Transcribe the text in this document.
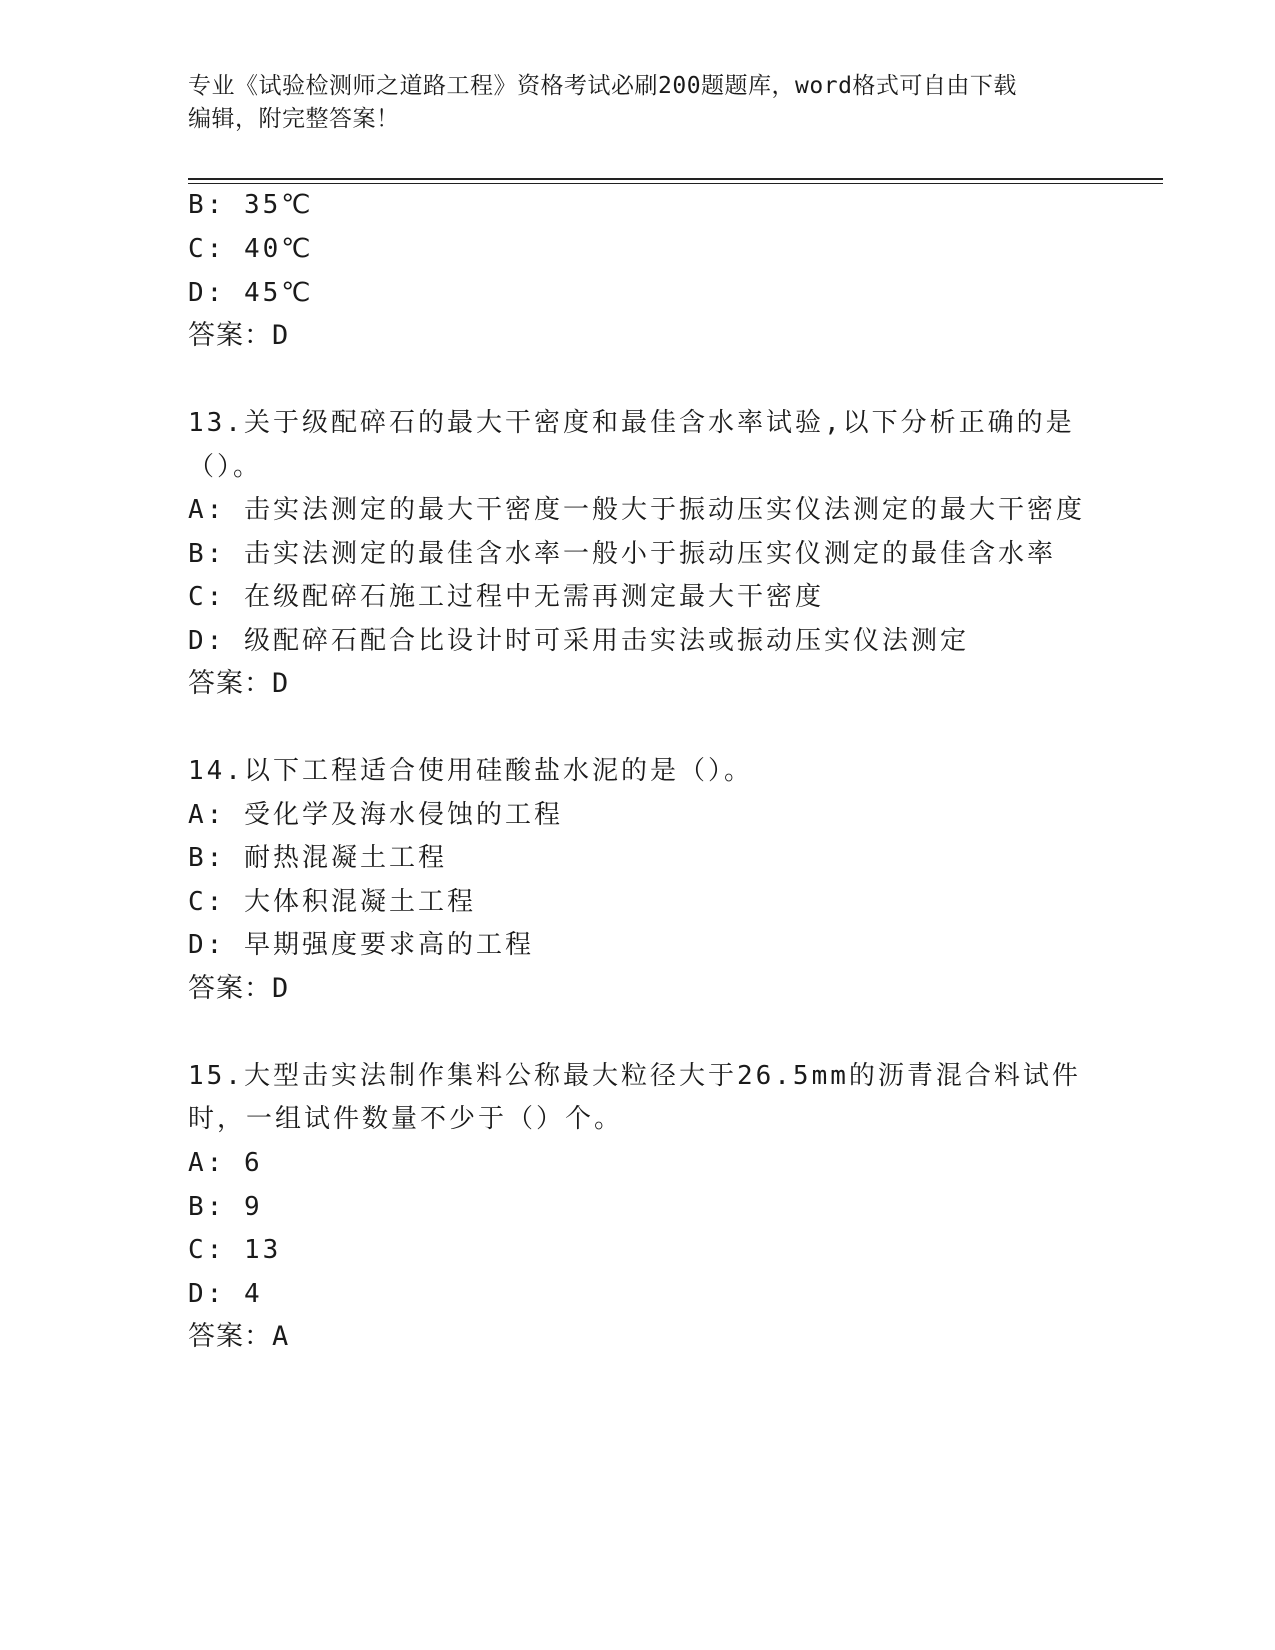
专业《试验检测师之道路工程》资格考试必刷200题题库，word格式可自由下载
编辑，附完整答案！
B: 35℃
C: 40℃
D: 45℃
答案：D
13.关于级配碎石的最大干密度和最佳含水率试验,以下分析正确的是
（）。
A: 击实法测定的最大干密度一般大于振动压实仪法测定的最大干密度
B: 击实法测定的最佳含水率一般小于振动压实仪测定的最佳含水率
C: 在级配碎石施工过程中无需再测定最大干密度
D: 级配碎石配合比设计时可采用击实法或振动压实仪法测定
答案：D
14.以下工程适合使用硅酸盐水泥的是（）。
A: 受化学及海水侵蚀的工程
B: 耐热混凝土工程
C: 大体积混凝土工程
D: 早期强度要求高的工程
答案：D
15.大型击实法制作集料公称最大粒径大于26.5mm的沥青混合料试件
时，一组试件数量不少于（）个。
A: 6
B: 9
C: 13
D: 4
答案：A
